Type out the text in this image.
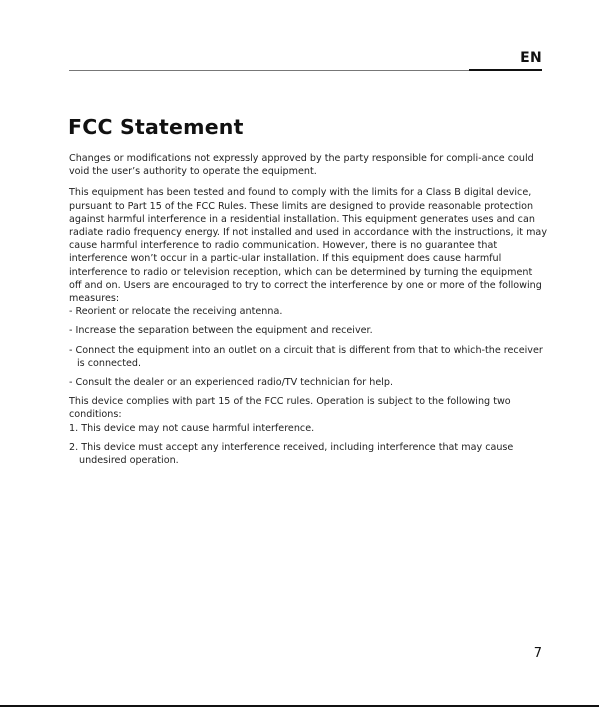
EN
FCC Statement

Changes or modifications not expressly approved by the party responsible for compli-ance could void the user’s authority to operate the equipment.

This equipment has been tested and found to comply with the limits for a Class B digital device, pursuant to Part 15 of the FCC Rules. These limits are designed to provide reasonable protection against harmful interference in a residential installation. This equipment generates uses and can radiate radio frequency energy. If not installed and used in accordance with the instructions, it may cause harmful interference to radio communication. However, there is no guarantee that interference won’t occur in a partic-ular installation. If this equipment does cause harmful interference to radio or television reception, which can be determined by turning the equipment off and on. Users are encouraged to try to correct the interference by one or more of the following measures:

- Reorient or relocate the receiving antenna.
- Increase the separation between the equipment and receiver.
- Connect the equipment into an outlet on a circuit that is different from that to which-the receiver is connected.
- Consult the dealer or an experienced radio/TV technician for help.

This device complies with part 15 of the FCC rules. Operation is subject to the following two conditions:

1. This device may not cause harmful interference.
2. This device must accept any interference received, including interference that may cause undesired operation.
7
